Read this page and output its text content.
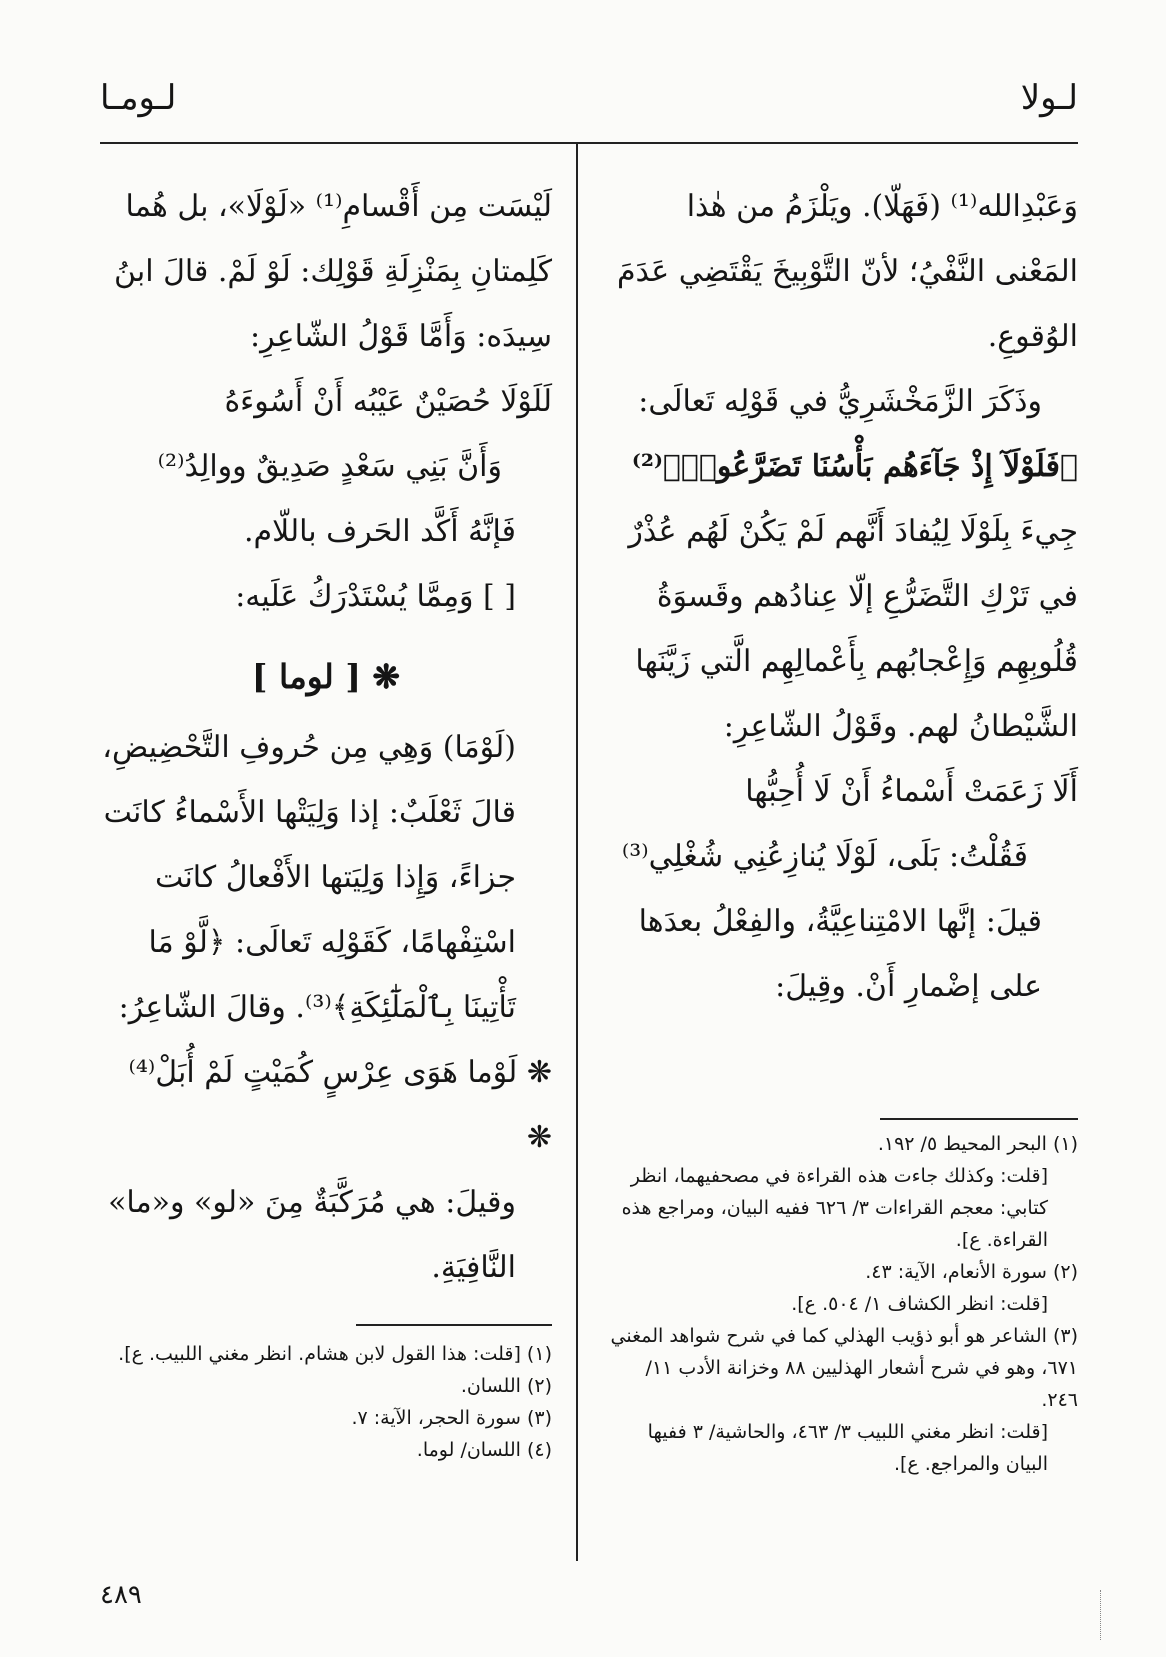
لـولا
لـومـا

وَعَبْدِالله⁽¹⁾ (فَهَلّا). ويَلْزَمُ من هٰذا المَعْنى النَّفْيُ؛ لأنّ التَّوْبِيخَ يَقْتَضِي عَدَمَ الوُقوعِ.

وذَكَرَ الزَّمَخْشَرِيُّ في قَوْلِه تَعالَى:

﴿فَلَوْلَآ إِذْ جَآءَهُم بَأْسُنَا تَضَرَّعُوا۟﴾⁽²⁾

جِيءَ بِلَوْلَا لِيُفادَ أَنَّهم لَمْ يَكُنْ لَهُم عُذْرٌ في تَرْكِ التَّضَرُّعِ إلّا عِنادُهم وقَسوَةُ قُلُوبِهِم وَإِعْجابُهم بِأَعْمالِهِم الَّتي زَيَّنَها الشَّيْطانُ لهم. وقَوْلُ الشّاعِرِ:

أَلَا زَعَمَتْ أَسْماءُ أَنْ لَا أُحِبُّها

فَقُلْتُ: بَلَى، لَوْلَا يُنازِعُنِي شُغْلِي⁽³⁾

قيلَ: إنَّها الامْتِناعِيَّةُ، والفِعْلُ بعدَها على إضْمارِ أَنْ. وقِيلَ:

لَيْسَت مِن أَقْسامِ⁽¹⁾ «لَوْلَا»، بل هُما كَلِمتانِ بِمَنْزِلَةِ قَوْلِك: لَوْ لَمْ. قالَ ابنُ سِيدَه: وَأَمَّا قَوْلُ الشّاعِرِ:

لَلَوْلَا حُصَيْنٌ عَيْبُه أَنْ أَسُوءَهُ

وَأَنَّ بَنِي سَعْدٍ صَدِيقٌ ووالِدُ⁽²⁾

فَإنَّهُ أَكَّد الحَرف باللّام.

[ ] وَمِمَّا يُسْتَدْرَكُ عَلَيه:

❋ [ لوما ]

(لَوْمَا) وَهِي مِن حُروفِ التَّحْضِيضِ، قالَ ثَعْلَبٌ: إذا وَلِيَتْها الأَسْماءُ كانَت جزاءً، وَإِذا وَلِيَتها الأَفْعالُ كانَت اسْتِفْهامًا، كَقَوْلِه تَعالَى: ﴿لَّوْ مَا تَأْتِينَا بِٱلْمَلَٰٓئِكَةِ﴾⁽³⁾. وقالَ الشّاعِرُ:

❋ لَوْما هَوَى عِرْسٍ كُمَيْتٍ لَمْ أُبَلْ⁽⁴⁾ ❋

وقيلَ: هي مُرَكَّبَةٌ مِنَ «لو» و«ما» النَّافِيَةِ.

(١) البحر المحيط ٥/ ١٩٢.

[قلت: وكذلك جاءت هذه القراءة في مصحفيهما، انظر كتابي: معجم القراءات ٣/ ٦٢٦ ففيه البيان، ومراجع هذه القراءة. ع].

(٢) سورة الأنعام، الآية: ٤٣.

[قلت: انظر الكشاف ١/ ٥٠٤. ع].

(٣) الشاعر هو أبو ذؤيب الهذلي كما في شرح شواهد المغني ٦٧١، وهو في شرح أشعار الهذليين ٨٨ وخزانة الأدب ١١/ ٢٤٦.

[قلت: انظر مغني اللبيب ٣/ ٤٦٣، والحاشية/ ٣ ففيها البيان والمراجع. ع].

(١) [قلت: هذا القول لابن هشام. انظر مغني اللبيب. ع].

(٢) اللسان.

(٣) سورة الحجر، الآية: ٧.

(٤) اللسان/ لوما.

٤٨٩
